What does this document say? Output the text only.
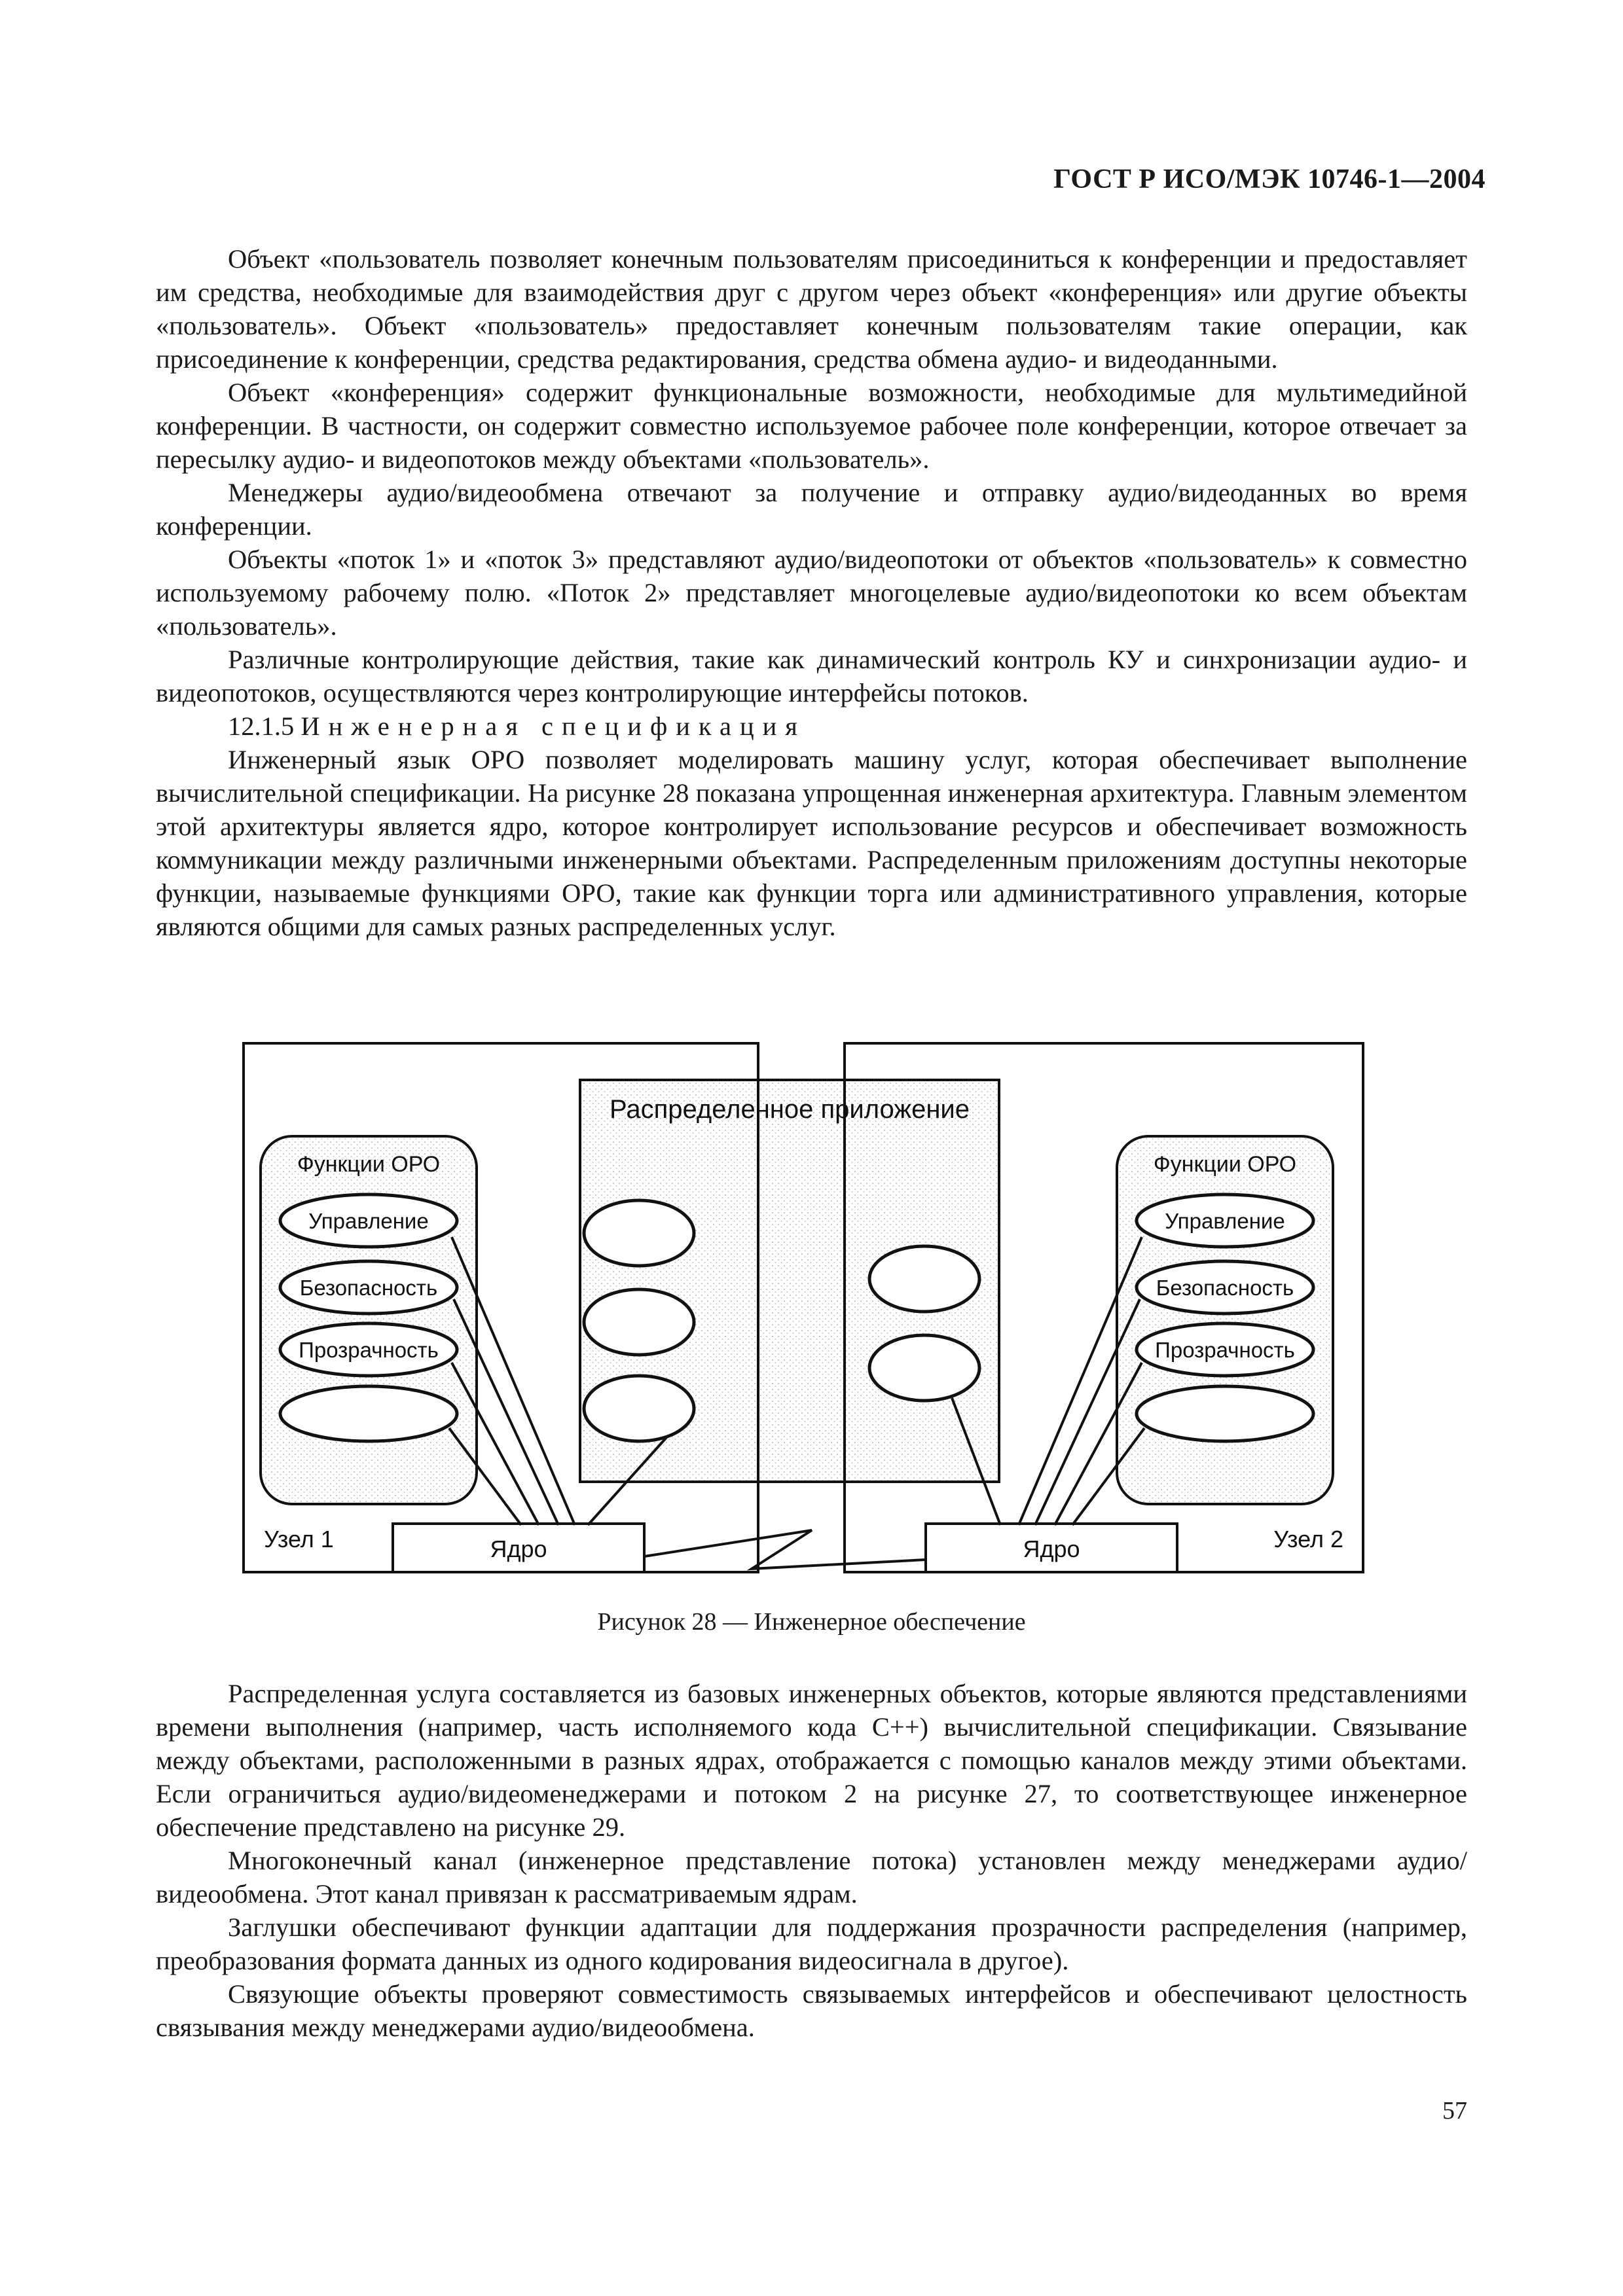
ГОСТ Р ИСО/МЭК 10746-1—2004

Объект «пользователь позволяет конечным пользователям присоединиться к конференции и предоставляет им средства, необходимые для взаимодействия друг с другом через объект «конференция» или другие объекты «пользователь». Объект «пользователь» предоставляет конечным пользователям такие операции, как присоединение к конференции, средства редактирования, средства обмена аудио- и видеоданными.

Объект «конференция» содержит функциональные возможности, необходимые для мультимедийной конференции. В частности, он содержит совместно используемое рабочее поле конференции, которое отвечает за пересылку аудио- и видеопотоков между объектами «пользователь».

Менеджеры аудио/видеообмена отвечают за получение и отправку аудио/видеоданных во время конференции.

Объекты «поток 1» и «поток 3» представляют аудио/видеопотоки от объектов «пользователь» к совместно используемому рабочему полю. «Поток 2» представляет многоцелевые аудио/видеопотоки ко всем объектам «пользователь».

Различные контролирующие действия, такие как динамический контроль КУ и синхронизации аудио- и видеопотоков, осуществляются через контролирующие интерфейсы потоков.

12.1.5 Инженерная спецификация

Инженерный язык ОРО позволяет моделировать машину услуг, которая обеспечивает выполнение вычислительной спецификации. На рисунке 28 показана упрощенная инженерная архитектура. Главным элементом этой архитектуры является ядро, которое контролирует использование ресурсов и обеспечивает возможность коммуникации между различными инженерными объектами. Распределенным приложениям доступны некоторые функции, называемые функциями ОРО, такие как функции торга или административного управления, которые являются общими для самых разных распределенных услуг.

Распределенное приложение
Функции ОРО
Управление
Безопасность
Прозрачность
Функции ОРО
Управление
Безопасность
Прозрачность
Ядро	Ядро
Узел 1	Узел 2
Рисунок 28 — Инженерное обеспечение

Распределенная услуга составляется из базовых инженерных объектов, которые являются представлениями времени выполнения (например, часть исполняемого кода С++) вычислительной спецификации. Связывание между объектами, расположенными в разных ядрах, отображается с помощью каналов между этими объектами. Если ограничиться аудио/видеоменеджерами и потоком 2 на рисунке 27, то соответствующее инженерное обеспечение представлено на рисунке 29.

Многоконечный канал (инженерное представление потока) установлен между менеджерами аудио/видеообмена. Этот канал привязан к рассматриваемым ядрам.

Заглушки обеспечивают функции адаптации для поддержания прозрачности распределения (например, преобразования формата данных из одного кодирования видеосигнала в другое).

Связующие объекты проверяют совместимость связываемых интерфейсов и обеспечивают целостность связывания между менеджерами аудио/видеообмена.

57
